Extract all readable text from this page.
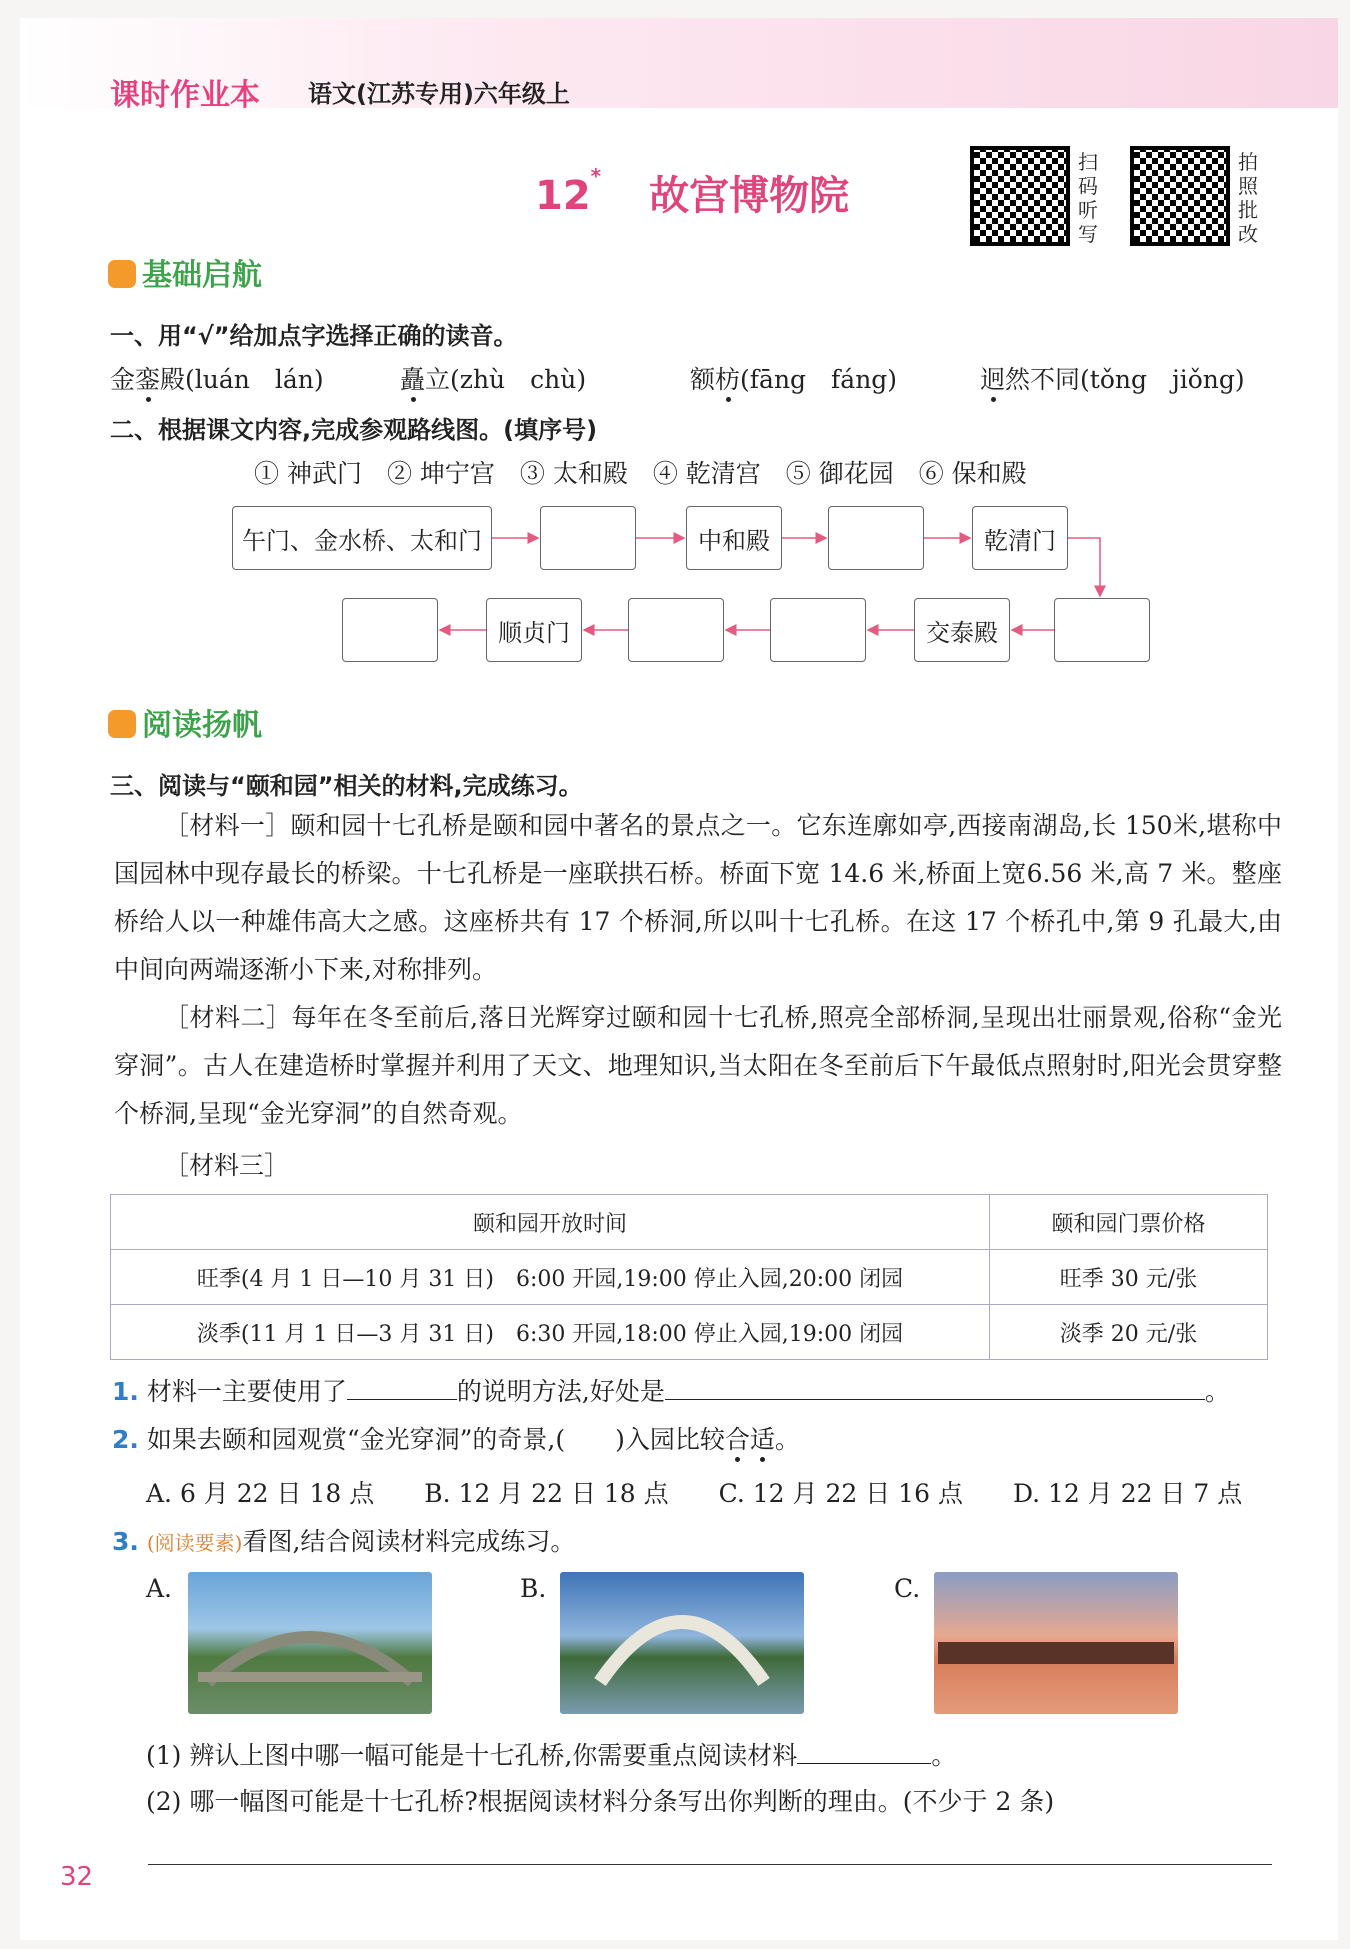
课时作业本 语文(江苏专用)六年级上
12* 故宫博物院
扫码听写
拍照批改
基础启航
一、用“√”给加点字选择正确的读音。
金銮殿(luán　lán)	矗立(zhù　chù)	额枋(fāng　fáng)	迥然不同(tǒng　jiǒng)
二、根据课文内容,完成参观路线图。(填序号)
① 神武门　② 坤宁宫　③ 太和殿　④ 乾清宫　⑤ 御花园　⑥ 保和殿
午门、金水桥、太和门	中和殿	乾清门
顺贞门	交泰殿
阅读扬帆
三、阅读与“颐和园”相关的材料,完成练习。
［材料一］颐和园十七孔桥是颐和园中著名的景点之一。它东连廓如亭,西接南湖岛,长 150米,堪称中国园林中现存最长的桥梁。十七孔桥是一座联拱石桥。桥面下宽 14.6 米,桥面上宽6.56 米,高 7 米。整座桥给人以一种雄伟高大之感。这座桥共有 17 个桥洞,所以叫十七孔桥。在这 17 个桥孔中,第 9 孔最大,由中间向两端逐渐小下来,对称排列。
［材料二］每年在冬至前后,落日光辉穿过颐和园十七孔桥,照亮全部桥洞,呈现出壮丽景观,俗称“金光穿洞”。古人在建造桥时掌握并利用了天文、地理知识,当太阳在冬至前后下午最低点照射时,阳光会贯穿整个桥洞,呈现“金光穿洞”的自然奇观。
［材料三］
颐和园开放时间	颐和园门票价格
旺季(4 月 1 日—10 月 31 日)　6:00 开园,19:00 停止入园,20:00 闭园	旺季 30 元/张
淡季(11 月 1 日—3 月 31 日)　6:30 开园,18:00 停止入园,19:00 闭园	淡季 20 元/张
1. 材料一主要使用了	的说明方法,好处是	。
2. 如果去颐和园观赏“金光穿洞”的奇景,(　　)入园比较合适。
A. 6 月 22 日 18 点　　B. 12 月 22 日 18 点　　C. 12 月 22 日 16 点　　D. 12 月 22 日 7 点
3. (阅读要素)看图,结合阅读材料完成练习。
A.	B.	C.
(1) 辨认上图中哪一幅可能是十七孔桥,你需要重点阅读材料	。
(2) 哪一幅图可能是十七孔桥?根据阅读材料分条写出你判断的理由。(不少于 2 条)
32
